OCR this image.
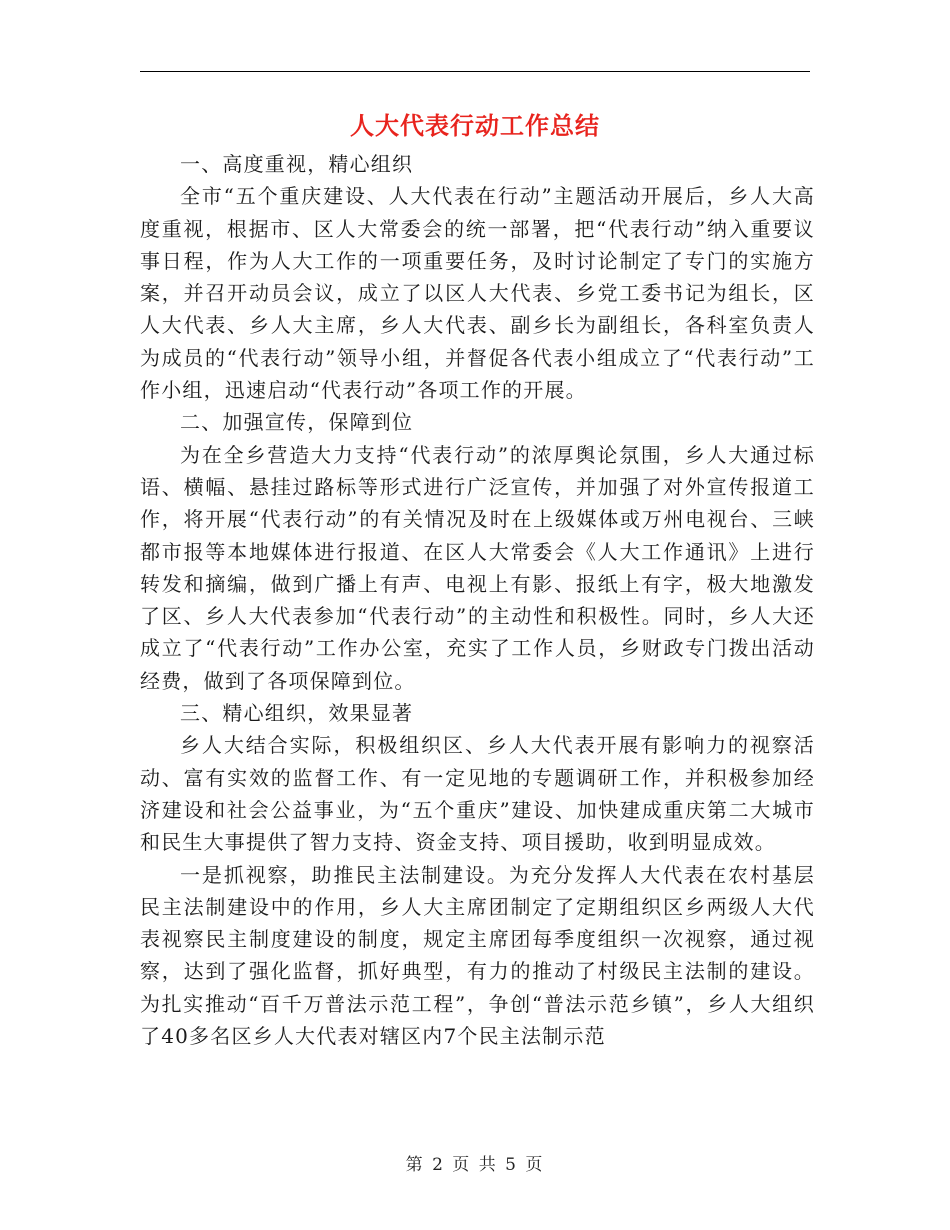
人大代表行动工作总结
一、高度重视，精心组织
全市“五个重庆建设、人大代表在行动”主题活动开展后，乡人大高度重视，根据市、区人大常委会的统一部署，把“代表行动”纳入重要议事日程，作为人大工作的一项重要任务，及时讨论制定了专门的实施方案，并召开动员会议，成立了以区人大代表、乡党工委书记为组长，区人大代表、乡人大主席，乡人大代表、副乡长为副组长，各科室负责人为成员的“代表行动”领导小组，并督促各代表小组成立了“代表行动”工作小组，迅速启动“代表行动”各项工作的开展。
二、加强宣传，保障到位
为在全乡营造大力支持“代表行动”的浓厚舆论氛围，乡人大通过标语、横幅、悬挂过路标等形式进行广泛宣传，并加强了对外宣传报道工作，将开展“代表行动”的有关情况及时在上级媒体或万州电视台、三峡都市报等本地媒体进行报道、在区人大常委会《人大工作通讯》上进行转发和摘编，做到广播上有声、电视上有影、报纸上有字，极大地激发了区、乡人大代表参加“代表行动”的主动性和积极性。同时，乡人大还成立了“代表行动”工作办公室，充实了工作人员，乡财政专门拨出活动经费，做到了各项保障到位。
三、精心组织，效果显著
乡人大结合实际，积极组织区、乡人大代表开展有影响力的视察活动、富有实效的监督工作、有一定见地的专题调研工作，并积极参加经济建设和社会公益事业，为“五个重庆”建设、加快建成重庆第二大城市和民生大事提供了智力支持、资金支持、项目援助，收到明显成效。
一是抓视察，助推民主法制建设。为充分发挥人大代表在农村基层民主法制建设中的作用，乡人大主席团制定了定期组织区乡两级人大代表视察民主制度建设的制度，规定主席团每季度组织一次视察，通过视察，达到了强化监督，抓好典型，有力的推动了村级民主法制的建设。为扎实推动“百千万普法示范工程”，争创“普法示范乡镇”，乡人大组织了40多名区乡人大代表对辖区内7个民主法制示范
第 2 页 共 5 页
